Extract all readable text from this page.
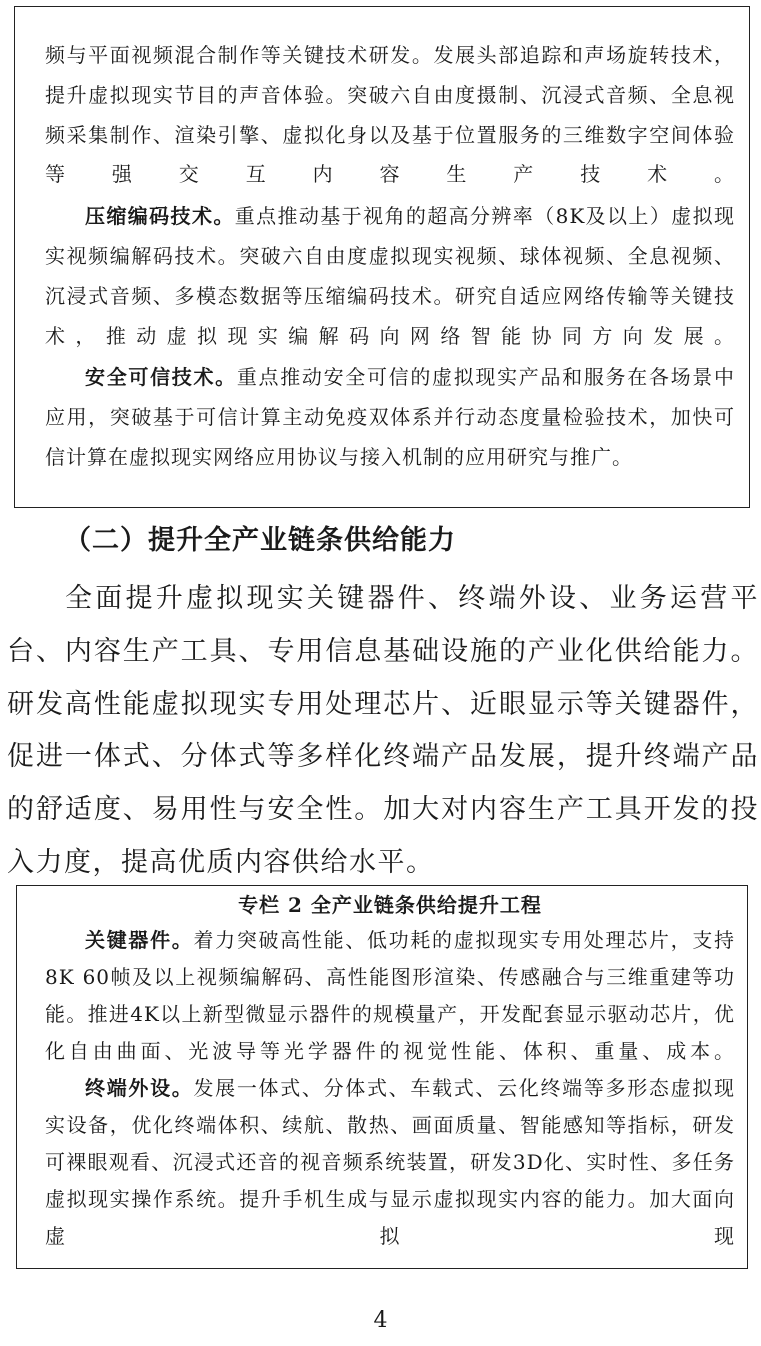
频与平面视频混合制作等关键技术研发。发展头部追踪和声场旋转技术，提升虚拟现实节目的声音体验。突破六自由度摄制、沉浸式音频、全息视频采集制作、渲染引擎、虚拟化身以及基于位置服务的三维数字空间体验等强交互内容生产技术。

压缩编码技术。重点推动基于视角的超高分辨率（8K及以上）虚拟现实视频编解码技术。突破六自由度虚拟现实视频、球体视频、全息视频、沉浸式音频、多模态数据等压缩编码技术。研究自适应网络传输等关键技术，推动虚拟现实编解码向网络智能协同方向发展。

安全可信技术。重点推动安全可信的虚拟现实产品和服务在各场景中应用，突破基于可信计算主动免疫双体系并行动态度量检验技术，加快可信计算在虚拟现实网络应用协议与接入机制的应用研究与推广。

（二）提升全产业链条供给能力

全面提升虚拟现实关键器件、终端外设、业务运营平台、内容生产工具、专用信息基础设施的产业化供给能力。研发高性能虚拟现实专用处理芯片、近眼显示等关键器件，促进一体式、分体式等多样化终端产品发展，提升终端产品的舒适度、易用性与安全性。加大对内容生产工具开发的投入力度，提高优质内容供给水平。

专栏 2 全产业链条供给提升工程

关键器件。着力突破高性能、低功耗的虚拟现实专用处理芯片，支持8K 60帧及以上视频编解码、高性能图形渲染、传感融合与三维重建等功能。推进4K以上新型微显示器件的规模量产，开发配套显示驱动芯片，优化自由曲面、光波导等光学器件的视觉性能、体积、重量、成本。

终端外设。发展一体式、分体式、车载式、云化终端等多形态虚拟现实设备，优化终端体积、续航、散热、画面质量、智能感知等指标，研发可裸眼观看、沉浸式还音的视音频系统装置，研发3D化、实时性、多任务虚拟现实操作系统。提升手机生成与显示虚拟现实内容的能力。加大面向虚拟现

4
